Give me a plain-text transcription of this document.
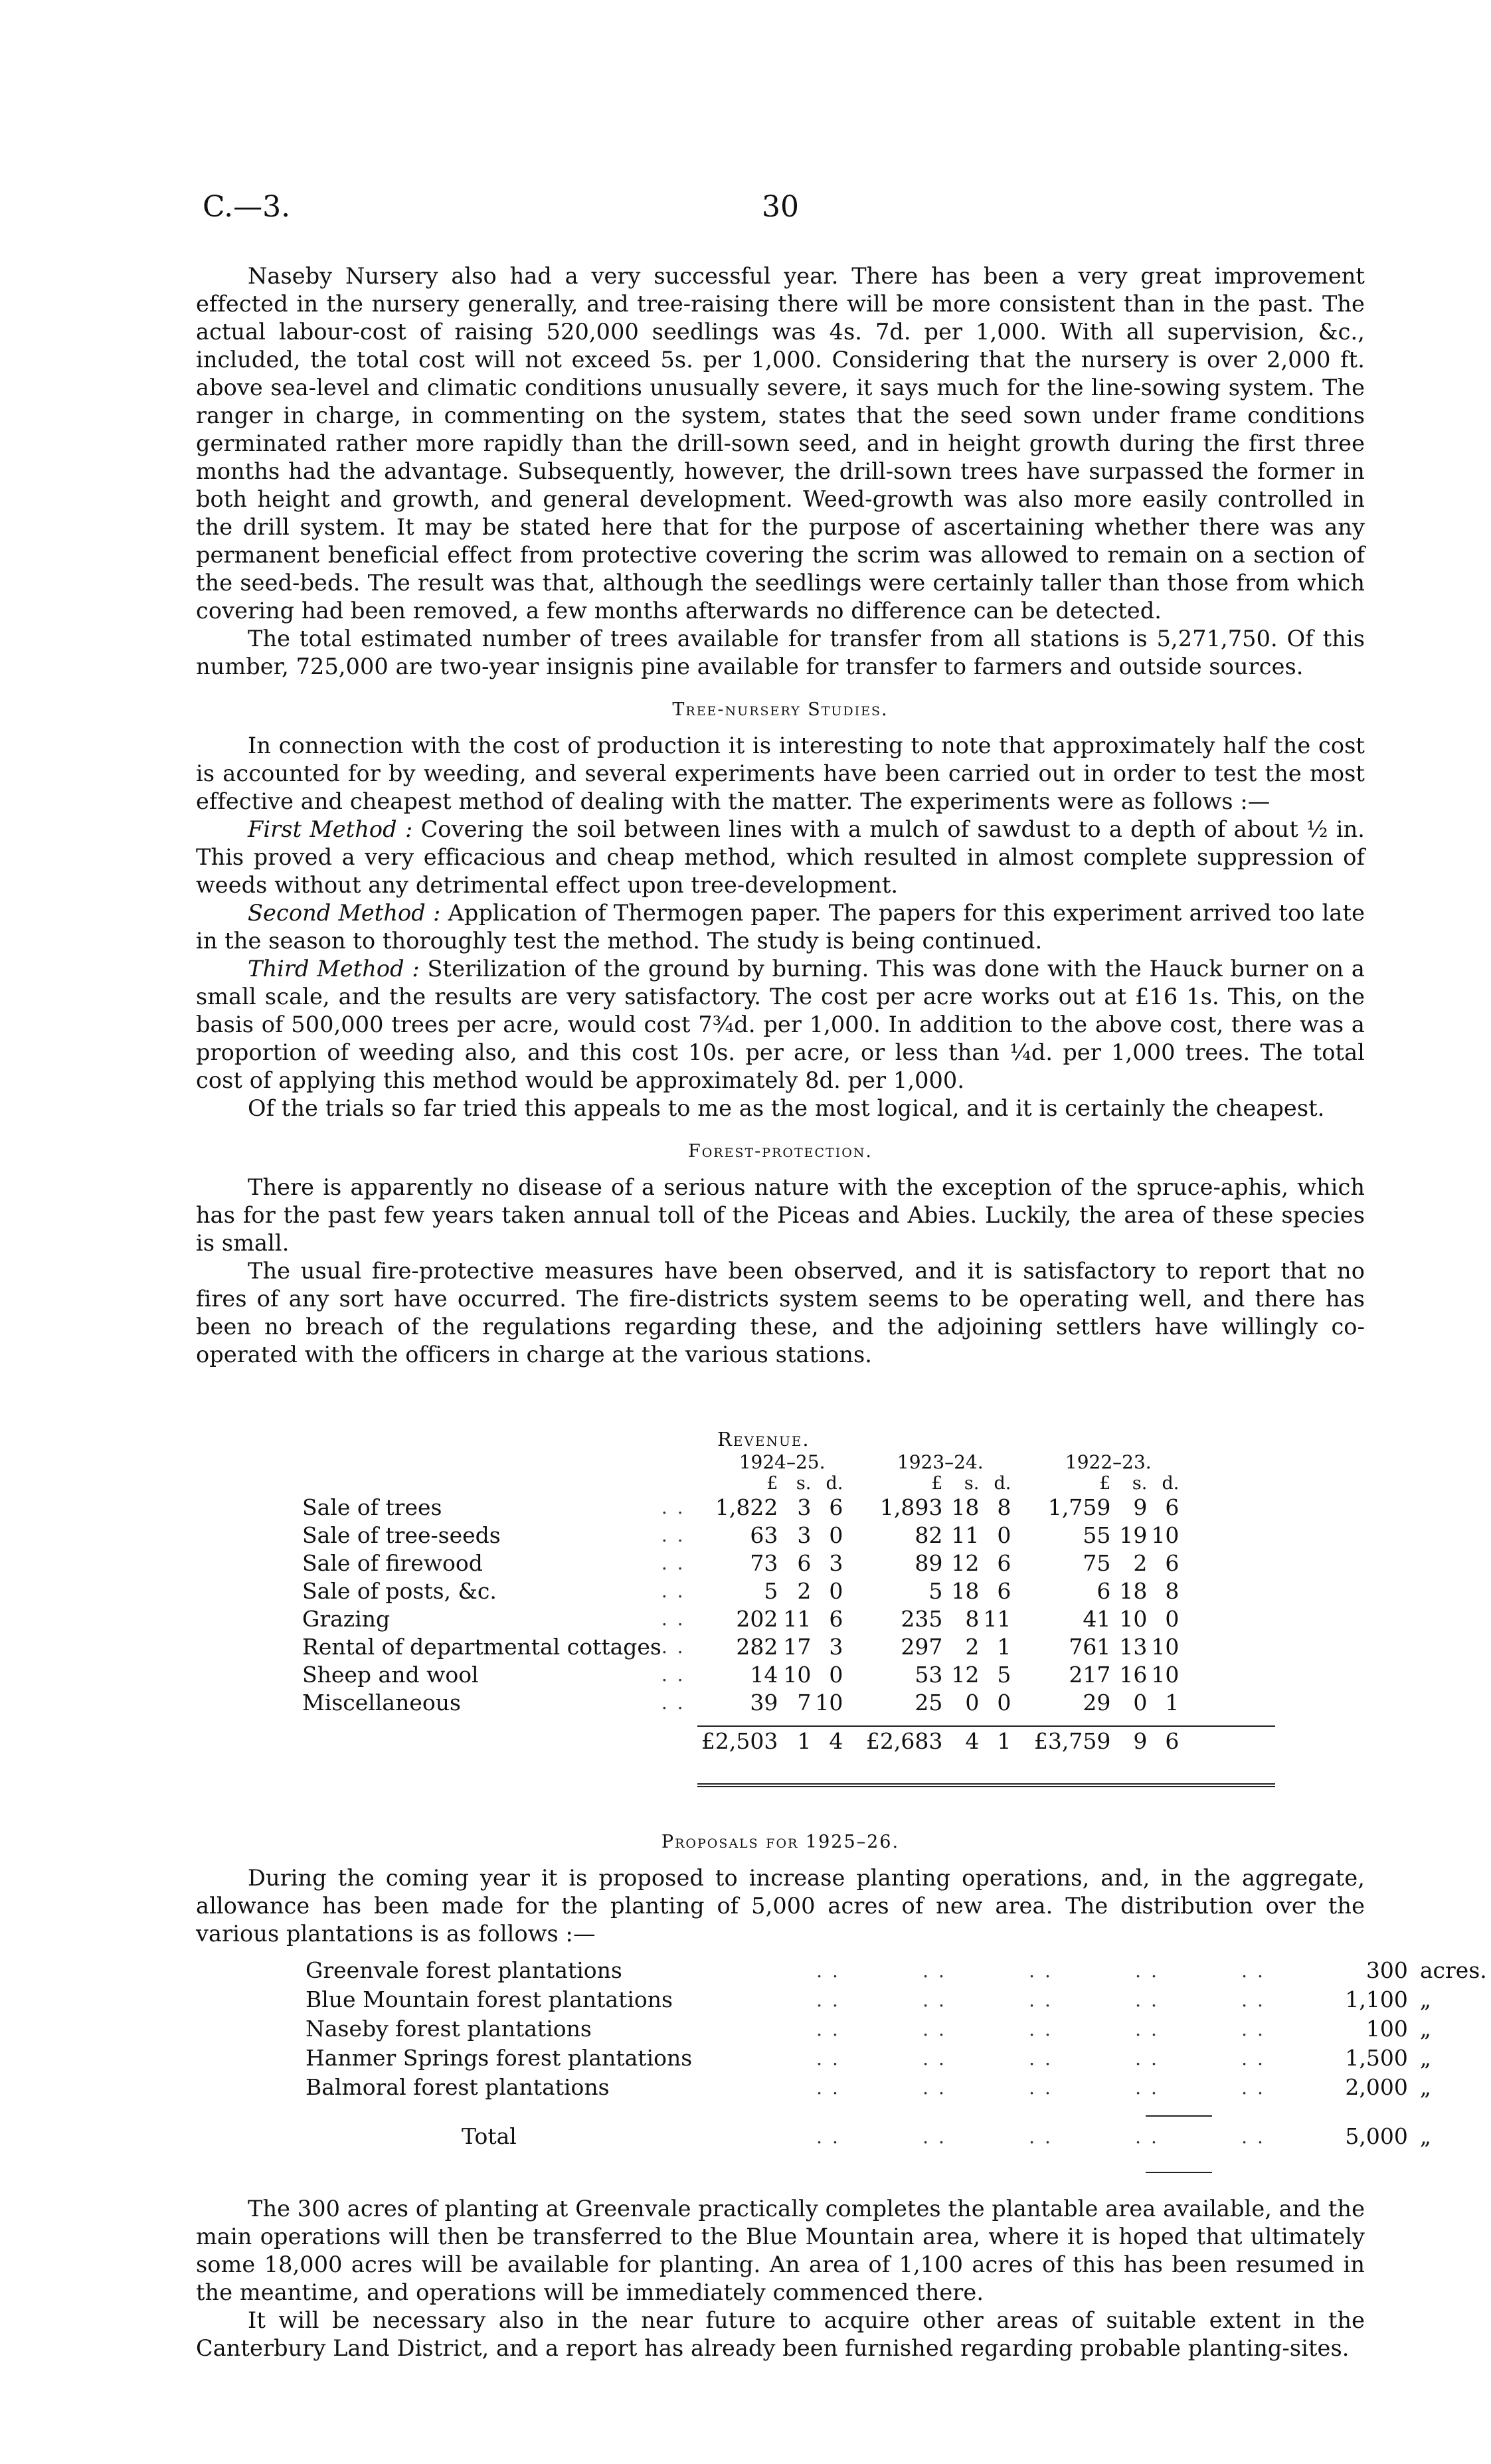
C.—3.	30

Naseby Nursery also had a very successful year. There has been a very great improvement effected in the nursery generally, and tree-raising there will be more consistent than in the past. The actual labour-cost of raising 520,000 seedlings was 4s. 7d. per 1,000. With all supervision, &c., included, the total cost will not exceed 5s. per 1,000. Considering that the nursery is over 2,000 ft. above sea-level and climatic conditions unusually severe, it says much for the line-sowing system. The ranger in charge, in commenting on the system, states that the seed sown under frame conditions germinated rather more rapidly than the drill-sown seed, and in height growth during the first three months had the advantage. Subsequently, however, the drill-sown trees have surpassed the former in both height and growth, and general development. Weed-growth was also more easily controlled in the drill system. It may be stated here that for the purpose of ascertaining whether there was any permanent beneficial effect from protective covering the scrim was allowed to remain on a section of the seed-beds. The result was that, although the seedlings were certainly taller than those from which covering had been removed, a few months afterwards no difference can be detected.

The total estimated number of trees available for transfer from all stations is 5,271,750. Of this number, 725,000 are two-year insignis pine available for transfer to farmers and outside sources.

Tree-nursery Studies.

In connection with the cost of production it is interesting to note that approximately half the cost is accounted for by weeding, and several experiments have been carried out in order to test the most effective and cheapest method of dealing with the matter. The experiments were as follows :—

First Method : Covering the soil between lines with a mulch of sawdust to a depth of about ½ in. This proved a very efficacious and cheap method, which resulted in almost complete suppression of weeds without any detrimental effect upon tree-development.

Second Method : Application of Thermogen paper. The papers for this experiment arrived too late in the season to thoroughly test the method. The study is being continued.

Third Method : Sterilization of the ground by burning. This was done with the Hauck burner on a small scale, and the results are very satisfactory. The cost per acre works out at £16 1s. This, on the basis of 500,000 trees per acre, would cost 7¾d. per 1,000. In addition to the above cost, there was a proportion of weeding also, and this cost 10s. per acre, or less than ¼d. per 1,000 trees. The total cost of applying this method would be approximately 8d. per 1,000.

Of the trials so far tried this appeals to me as the most logical, and it is certainly the cheapest.

Forest-protection.

There is apparently no disease of a serious nature with the exception of the spruce-aphis, which has for the past few years taken annual toll of the Piceas and Abies. Luckily, the area of these species is small.

The usual fire-protective measures have been observed, and it is satisfactory to report that no fires of any sort have occurred. The fire-districts system seems to be operating well, and there has been no breach of the regulations regarding these, and the adjoining settlers have willingly co-operated with the officers in charge at the various stations.

Revenue.
		1924–25.			1923–24.			1922–23.		
		£	s.	d.	£	s.	d.	£	s.	d.
Sale of trees	. .	1,822	3	6	1,893	18	8	1,759	9	6
Sale of tree-seeds	. .	63	3	0	82	11	0	55	19	10
Sale of firewood	. .	73	6	3	89	12	6	75	2	6
Sale of posts, &c.	. .	5	2	0	5	18	6	6	18	8
Grazing	. .	202	11	6	235	8	11	41	10	0
Rental of departmental cottages	. .	282	17	3	297	2	1	761	13	10
Sheep and wool	. .	14	10	0	53	12	5	217	16	10
Miscellaneous	. .	39	7	10	25	0	0	29	0	1
		£2,503	1	4	£2,683	4	1	£3,759	9	6
Proposals for 1925–26.

During the coming year it is proposed to increase planting operations, and, in the aggregate, allowance has been made for the planting of 5,000 acres of new area. The distribution over the various plantations is as follows :—

Greenvale forest plantations	. . . . . . . . . .	300	acres.
Blue Mountain forest plantations	. . . . . . . . . .	1,100	„
Naseby forest plantations	. . . . . . . . . .	100	„
Hanmer Springs forest plantations	. . . . . . . . . .	1,500	„
Balmoral forest plantations	. . . . . . . . . .	2,000	„

Total	. . . . . . . . . .	5,000	„

The 300 acres of planting at Greenvale practically completes the plantable area available, and the main operations will then be transferred to the Blue Mountain area, where it is hoped that ultimately some 18,000 acres will be available for planting. An area of 1,100 acres of this has been resumed in the meantime, and operations will be immediately commenced there.

It will be necessary also in the near future to acquire other areas of suitable extent in the Canterbury Land District, and a report has already been furnished regarding probable planting-sites.
